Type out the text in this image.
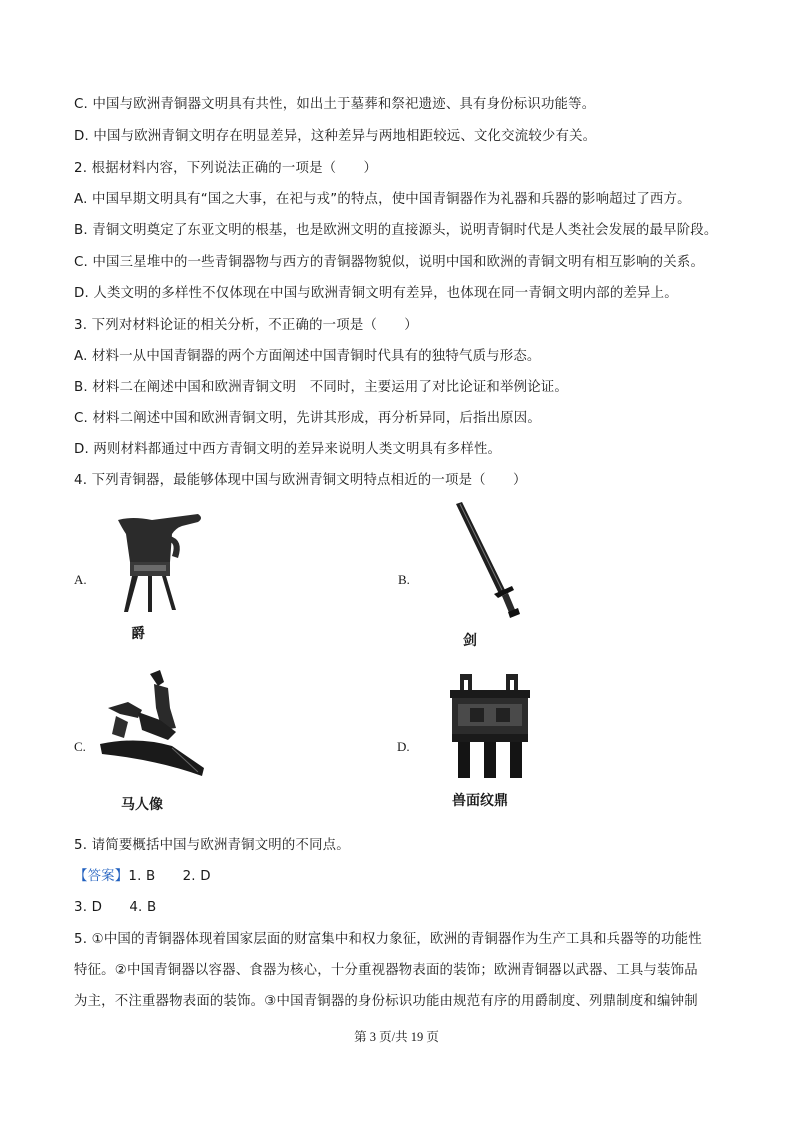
C. 中国与欧洲青铜器文明具有共性，如出土于墓葬和祭祀遗迹、具有身份标识功能等。
D. 中国与欧洲青铜文明存在明显差异，这种差异与两地相距较远、文化交流较少有关。
2. 根据材料内容，下列说法正确的一项是（　　）
A. 中国早期文明具有“国之大事，在祀与戎”的特点，使中国青铜器作为礼器和兵器的影响超过了西方。
B. 青铜文明奠定了东亚文明的根基，也是欧洲文明的直接源头，说明青铜时代是人类社会发展的最早阶段。
C. 中国三星堆中的一些青铜器物与西方的青铜器物貌似，说明中国和欧洲的青铜文明有相互影响的关系。
D. 人类文明的多样性不仅体现在中国与欧洲青铜文明有差异，也体现在同一青铜文明内部的差异上。
3. 下列对材料论证的相关分析，不正确的一项是（　　）
A. 材料一从中国青铜器的两个方面阐述中国青铜时代具有的独特气质与形态。
B. 材料二在阐述中国和欧洲青铜文明　不同时，主要运用了对比论证和举例论证。
C. 材料二阐述中国和欧洲青铜文明，先讲其形成，再分析异同，后指出原因。
D. 两则材料都通过中西方青铜文明的差异来说明人类文明具有多样性。
4. 下列青铜器，最能够体现中国与欧洲青铜文明特点相近的一项是（　　）
A.
爵
B.
剑
C.
马人像
D.
兽面纹鼎
5. 请简要概括中国与欧洲青铜文明的不同点。
【答案】1. B　　2. D
3. D　　4. B
5. ①中国的青铜器体现着国家层面的财富集中和权力象征，欧洲的青铜器作为生产工具和兵器等的功能性
特征。②中国青铜器以容器、食器为核心，十分重视器物表面的装饰；欧洲青铜器以武器、工具与装饰品
为主，不注重器物表面的装饰。③中国青铜器的身份标识功能由规范有序的用爵制度、列鼎制度和编钟制
第 3 页/共 19 页
